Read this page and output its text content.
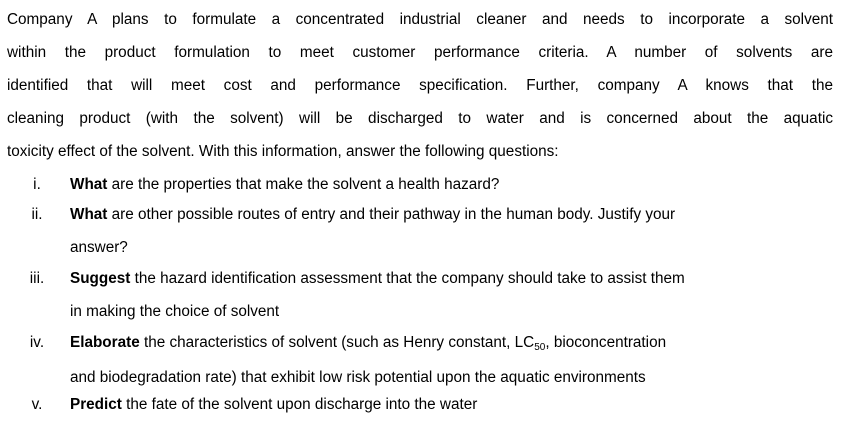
Company A plans to formulate a concentrated industrial cleaner and needs to incorporate a solvent
within the product formulation to meet customer performance criteria. A number of solvents are
identified that will meet cost and performance specification. Further, company A knows that the
cleaning product (with the solvent) will be discharged to water and is concerned about the aquatic
toxicity effect of the solvent. With this information, answer the following questions:
i.	What are the properties that make the solvent a health hazard?
ii.	What are other possible routes of entry and their pathway in the human body. Justify your
answer?
iii.	Suggest the hazard identification assessment that the company should take to assist them
in making the choice of solvent
iv.	Elaborate the characteristics of solvent (such as Henry constant, $LC_{50}$, bioconcentration
and biodegradation rate) that exhibit low risk potential upon the aquatic environments
v.	Predict the fate of the solvent upon discharge into the water
